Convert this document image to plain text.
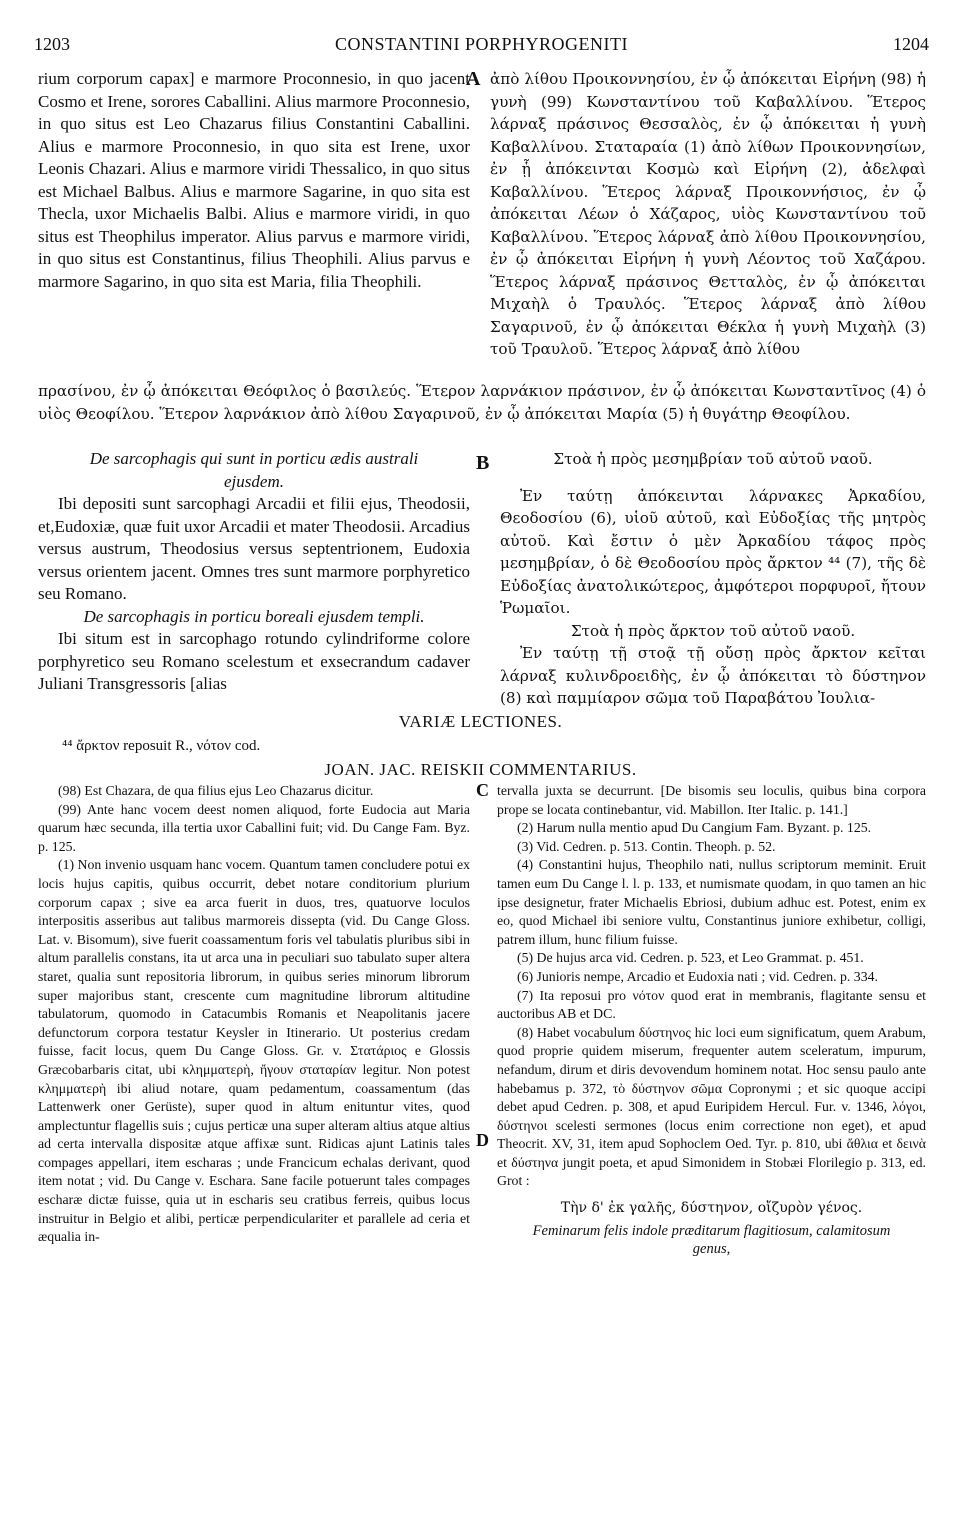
1203	CONSTANTINI PORPHYROGENITI	1204

rium corporum capax] e marmore Proconnesio, in quo jacent Cosmo et Irene, sorores Caballini. Alius marmore Proconnesio, in quo situs est Leo Chazarus filius Constantini Caballini. Alius e marmore Proconnesio, in quo sita est Irene, uxor Leonis Chazari. Alius e marmore viridi Thessalico, in quo situs est Michael Balbus. Alius e marmore Sagarine, in quo sita est Thecla, uxor Michaelis Balbi. Alius e marmore viridi, in quo situs est Theophilus imperator. Alius parvus e marmore viridi, in quo situs est Constantinus, filius Theophili. Alius parvus e marmore Sagarino, in quo sita est Maria, filia Theophili.

A ἀπὸ λίθου Προικοννησίου, ἐν ᾧ ἀπόκειται Εἰρήνη (98) ἡ γυνὴ (99) Κωνσταντίνου τοῦ Καβαλλίνου. Ἕτερος λάρναξ πράσινος Θεσσαλὸς, ἐν ᾧ ἀπόκειται ἡ γυνὴ Καβαλλίνου. Σταταραία (1) ἀπὸ λίθων Προικοννησίων, ἐν ᾗ ἀπόκεινται Κοσμὼ καὶ Εἰρήνη (2), ἀδελφαὶ Καβαλλίνου. Ἕτερος λάρναξ Προικοννήσιος, ἐν ᾧ ἀπόκειται Λέων ὁ Χάζαρος, υἱὸς Κωνσταντίνου τοῦ Καβαλλίνου. Ἕτερος λάρναξ ἀπὸ λίθου Προικοννησίου, ἐν ᾧ ἀπόκειται Εἰρήνη ἡ γυνὴ Λέοντος τοῦ Χαζάρου. Ἕτερος λάρναξ πράσινος Θετταλὸς, ἐν ᾧ ἀπόκειται Μιχαὴλ ὁ Τραυλός. Ἕτερος λάρναξ ἀπὸ λίθου Σαγαρινοῦ, ἐν ᾧ ἀπόκειται Θέκλα ἡ γυνὴ Μιχαὴλ (3) τοῦ Τραυλοῦ. Ἕτερος λάρναξ ἀπὸ λίθου

πρασίνου, ἐν ᾧ ἀπόκειται Θεόφιλος ὁ βασιλεύς. Ἕτερον λαρνάκιον πράσινον, ἐν ᾧ ἀπόκειται Κωνσταντῖνος (4) ὁ υἱὸς Θεοφίλου. Ἕτερον λαρνάκιον ἀπὸ λίθου Σαγαρινοῦ, ἐν ᾧ ἀπόκειται Μαρία (5) ἡ θυγάτηρ Θεοφίλου.

De sarcophagis qui sunt in porticu ædis australi ejusdem.

Ibi depositi sunt sarcophagi Arcadii et filii ejus, Theodosii, et,Eudoxiæ, quæ fuit uxor Arcadii et mater Theodosii. Arcadius versus austrum, Theodosius versus septentrionem, Eudoxia versus orientem jacent. Omnes tres sunt marmore porphyretico seu Romano.

De sarcophagis in porticu boreali ejusdem templi.

Ibi situm est in sarcophago rotundo cylindriforme colore porphyretico seu Romano scelestum et exsecrandum cadaver Juliani Transgressoris [alias

B	Στοὰ ἡ πρὸς μεσημβρίαν τοῦ αὐτοῦ ναοῦ.

Ἐν ταύτῃ ἀπόκεινται λάρνακες Ἀρκαδίου, Θεοδοσίου (6), υἱοῦ αὐτοῦ, καὶ Εὐδοξίας τῆς μητρὸς αὐτοῦ. Καὶ ἔστιν ὁ μὲν Ἀρκαδίου τάφος πρὸς μεσημβρίαν, ὁ δὲ Θεοδοσίου πρὸς ἄρκτον ⁴⁴ (7), τῆς δὲ Εὐδοξίας ἀνατολικώτερος, ἀμφότεροι πορφυροῖ, ἤτουν Ῥωμαῖοι.

Στοὰ ἡ πρὸς ἄρκτον τοῦ αὐτοῦ ναοῦ.

Ἐν ταύτῃ τῇ στοᾷ τῇ οὔσῃ πρὸς ἄρκτον κεῖται λάρναξ κυλινδροειδὴς, ἐν ᾧ ἀπόκειται τὸ δύστηνον (8) καὶ παμμίαρον σῶμα τοῦ Παραβάτου Ἰουλια-

VARIÆ LECTIONES.
⁴⁴ ἄρκτον reposuit R., νότον cod.
JOAN. JAC. REISKII COMMENTARIUS.

(98) Est Chazara, de qua filius ejus Leo Chazarus dicitur.

(99) Ante hanc vocem deest nomen aliquod, forte Eudocia aut Maria quarum hæc secunda, illa tertia uxor Caballini fuit; vid. Du Cange Fam. Byz. p. 125.

(1) Non invenio usquam hanc vocem. Quantum tamen concludere potui ex locis hujus capitis, quibus occurrit, debet notare conditorium plurium corporum capax ; sive ea arca fuerit in duos, tres, quatuorve loculos interpositis asseribus aut talibus marmoreis dissepta (vid. Du Cange Gloss. Lat. v. Bisomum), sive fuerit coassamentum foris vel tabulatis pluribus sibi in altum parallelis constans, ita ut arca una in peculiari suo tabulato super altera staret, qualia sunt repositoria librorum, in quibus series minorum librorum super majoribus stant, crescente cum magnitudine librorum altitudine tabulatorum, quomodo in Catacumbis Romanis et Neapolitanis jacere defunctorum corpora testatur Keysler in Itinerario. Ut posterius credam fuisse, facit locus, quem Du Cange Gloss. Gr. v. Στατάριος e Glossis Græcobarbaris citat, ubi κλημματερὴ, ἤγουν σταταρίαν legitur. Non potest κλημματερὴ ibi aliud notare, quam pedamentum, coassamentum (das Lattenwerk oner Gerüste), super quod in altum enituntur vites, quod amplectuntur flagellis suis ; cujus perticæ una super alteram altius atque altius ad certa intervalla dispositæ atque affixæ sunt. Ridicas ajunt Latinis tales compages appellari, item escharas ; unde Francicum echalas derivant, quod item notat ; vid. Du Cange v. Eschara. Sane facile potuerunt tales compages escharæ dictæ fuisse, quia ut in escharis seu cratibus ferreis, quibus locus instruitur in Belgio et alibi, perticæ perpendiculariter et parallele ad ceria et æqualia in-

C
D

tervalla juxta se decurrunt. [De bisomis seu loculis, quibus bina corpora prope se locata continebantur, vid. Mabillon. Iter Italic. p. 141.]

(2) Harum nulla mentio apud Du Cangium Fam. Byzant. p. 125.

(3) Vid. Cedren. p. 513. Contin. Theoph. p. 52.

(4) Constantini hujus, Theophilo nati, nullus scriptorum meminit. Eruit tamen eum Du Cange l. l. p. 133, et numismate quodam, in quo tamen an hic ipse designetur, frater Michaelis Ebriosi, dubium adhuc est. Potest, enim ex eo, quod Michael ibi seniore vultu, Constantinus juniore exhibetur, colligi, patrem illum, hunc filium fuisse.

(5) De hujus arca vid. Cedren. p. 523, et Leo Grammat. p. 451.

(6) Junioris nempe, Arcadio et Eudoxia nati ; vid. Cedren. p. 334.

(7) Ita reposui pro νότον quod erat in membranis, flagitante sensu et auctoribus AB et DC.

(8) Habet vocabulum δύστηνος hic loci eum significatum, quem Arabum, quod proprie quidem miserum, frequenter autem sceleratum, impurum, nefandum, dirum et diris devovendum hominem notat. Hoc sensu paulo ante habebamus p. 372, τὸ δύστηνον σῶμα Copronymi ; et sic quoque accipi debet apud Cedren. p. 308, et apud Euripidem Hercul. Fur. v. 1346, λόγοι, δύστηνοι scelesti sermones (locus enim correctione non eget), et apud Theocrit. XV, 31, item apud Sophoclem Oed. Tyr. p. 810, ubi ἄθλια et δεινὰ et δύστηνα jungit poeta, et apud Simonidem in Stobæi Florilegio p. 313, ed. Grot :

Τὴν δ' ἐκ γαλῆς, δύστηνον, οἴζυρὸν γένος.

Feminarum felis indole præditarum flagitiosum, calamitosum genus,
